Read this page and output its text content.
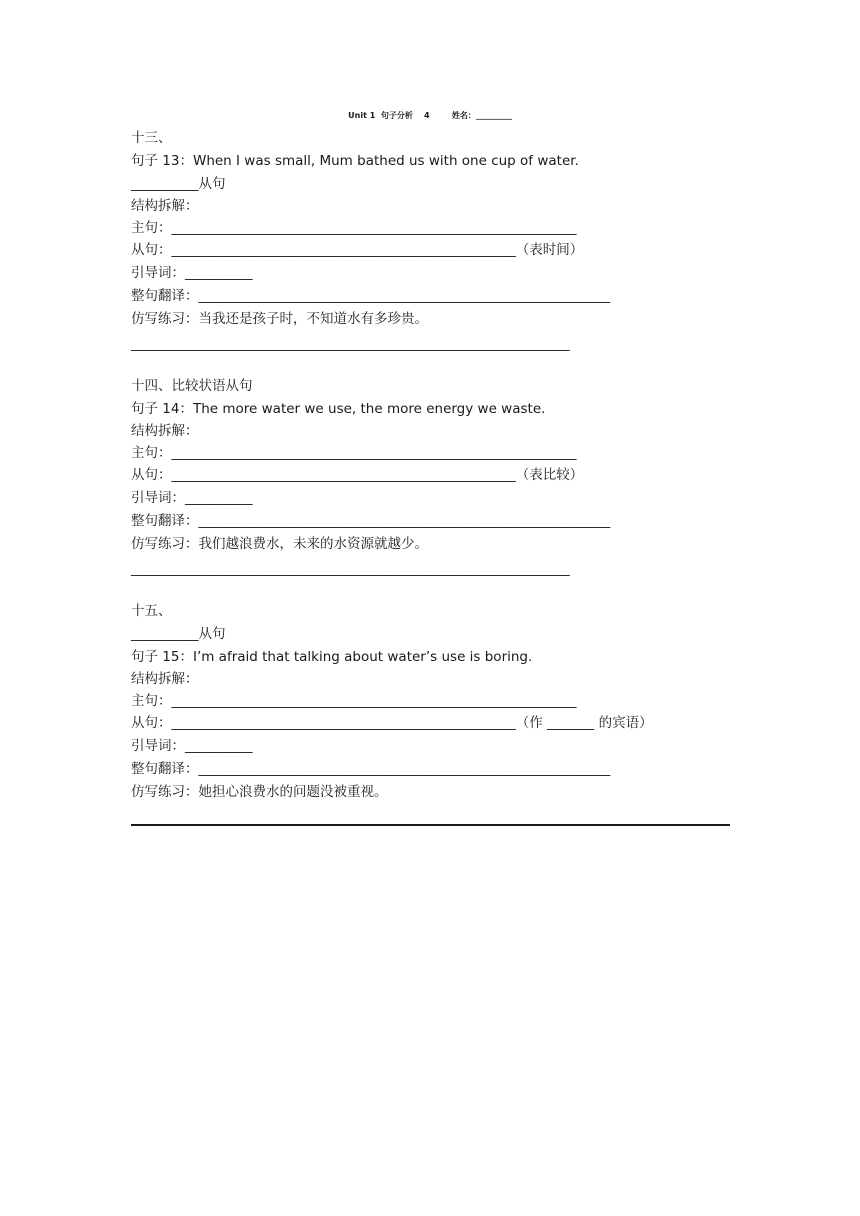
Unit 1  句子分析    4        姓名：_________
十三、
句子 13：When I was small, Mum bathed us with one cup of water.
__________从句
结构拆解：
主句：____________________________________________________________
从句：___________________________________________________（表时间）
引导词：__________
整句翻译：_____________________________________________________________
仿写练习：当我还是孩子时，不知道水有多珍贵。
_________________________________________________________________
十四、比较状语从句
句子 14：The more water we use, the more energy we waste.
结构拆解：
主句：____________________________________________________________
从句：___________________________________________________（表比较）
引导词：__________
整句翻译：_____________________________________________________________
仿写练习：我们越浪费水，未来的水资源就越少。
_________________________________________________________________
十五、
__________从句
句子 15：I’m afraid that talking about water’s use is boring.
结构拆解：
主句：____________________________________________________________
从句：___________________________________________________（作 _______ 的宾语）
引导词：__________
整句翻译：_____________________________________________________________
仿写练习：她担心浪费水的问题没被重视。
